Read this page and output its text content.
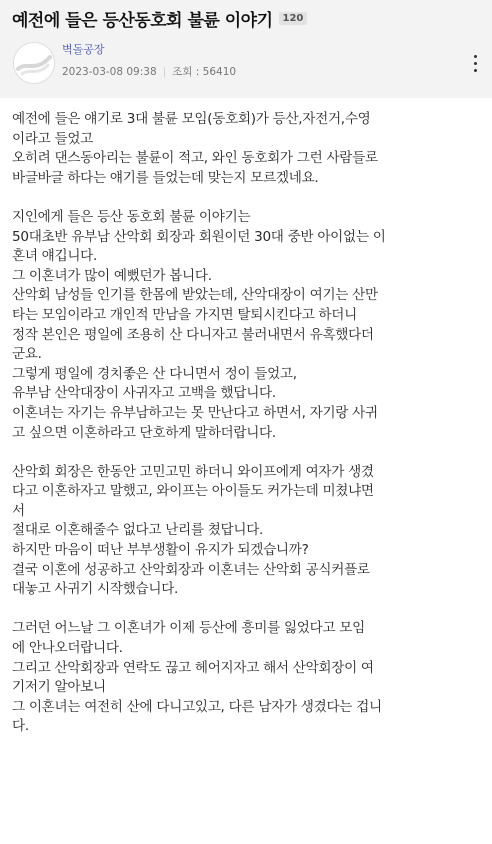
예전에 들은 등산동호회 불륜 이야기	120
벽돌공장
2023-03-08 09:38 | 조회 : 56410

예전에 들은 얘기로 3대 불륜 모임(동호회)가 등산,자전거,수영

이라고 들었고

오히려 댄스동아리는 불륜이 적고, 와인 동호회가 그런 사람들로

바글바글 하다는 얘기를 들었는데 맞는지 모르겠네요.

지인에게 들은 등산 동호회 불륜 이야기는

50대초반 유부남 산악회 회장과 회원이던 30대 중반 아이없는 이

혼녀 얘깁니다.

그 이혼녀가 많이 예뻤던가 봅니다.

산악회 남성들 인기를 한몸에 받았는데, 산악대장이 여기는 산만

타는 모임이라고 개인적 만남을 가지면 탈퇴시킨다고 하더니

정작 본인은 평일에 조용히 산 다니자고 불러내면서 유혹했다더

군요.

그렇게 평일에 경치좋은 산 다니면서 정이 들었고,

유부남 산악대장이 사귀자고 고백을 했답니다.

이혼녀는 자기는 유부남하고는 못 만난다고 하면서, 자기랑 사귀

고 싶으면 이혼하라고 단호하게 말하더랍니다.

산악회 회장은 한동안 고민고민 하더니 와이프에게 여자가 생겼

다고 이혼하자고 말했고, 와이프는 아이들도 커가는데 미쳤냐면

서

절대로 이혼해줄수 없다고 난리를 쳤답니다.

하지만 마음이 떠난 부부생활이 유지가 되겠습니까?

결국 이혼에 성공하고 산악회장과 이혼녀는 산악회 공식커플로

대놓고 사귀기 시작했습니다.

그러던 어느날 그 이혼녀가 이제 등산에 흥미를 잃었다고 모임

에 안나오더랍니다.

그리고 산악회장과 연락도 끊고 헤어지자고 해서 산악회장이 여

기저기 알아보니

그 이혼녀는 여전히 산에 다니고있고, 다른 남자가 생겼다는 겁니

다.
